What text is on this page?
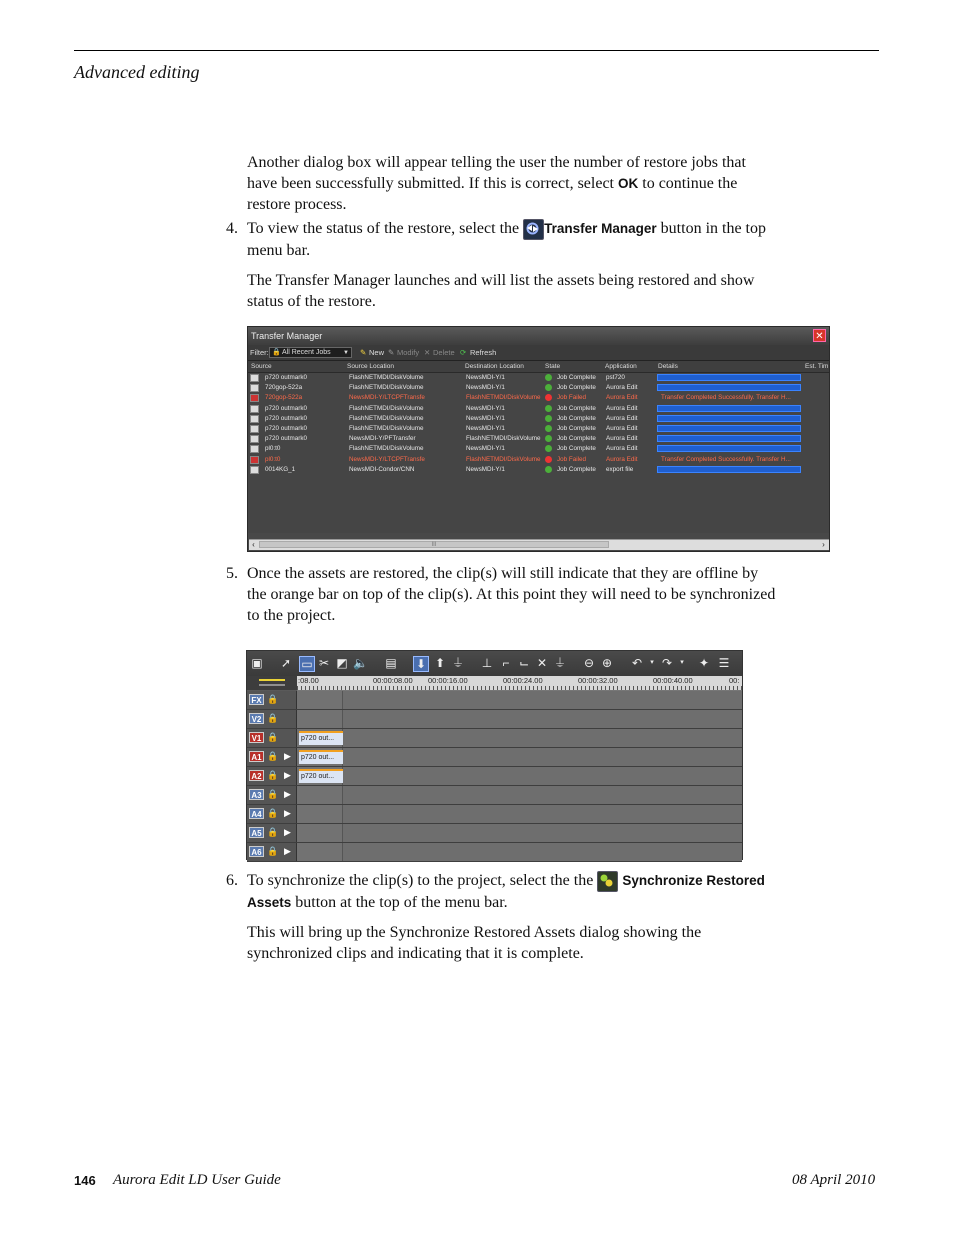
Advanced editing
Another dialog box will appear telling the user the number of restore jobs that
have been successfully submitted. If this is correct, select OK to continue the
restore process.
4. To view the status of the restore, select the Transfer Manager button in the top
menu bar.
The Transfer Manager launches and will list the assets being restored and show
status of the restore.
Transfer Manager	✕
Filter: 🔒 All Recent Jobs ▼ ✎ New ✎ Modify ✕ Delete ⟳ Refresh
Source	Source Location	Destination Location	State	Application	Details	Est. Tim
p720 outmark0	FlashNETMDI/DiskVolume	NewsMDI-Y/1	Job Complete	pst720
720gop-522a	FlashNETMDI/DiskVolume	NewsMDI-Y/1	Job Complete	Aurora Edit
720gop-522a	NewsMDI-Y/LTCPFTransfe	FlashNETMDI/DiskVolume	Job Failed	Aurora Edit	Transfer Completed Successfully. Transfer H...
p720 outmark0	FlashNETMDI/DiskVolume	NewsMDI-Y/1	Job Complete	Aurora Edit
p720 outmark0	FlashNETMDI/DiskVolume	NewsMDI-Y/1	Job Complete	Aurora Edit
p720 outmark0	FlashNETMDI/DiskVolume	NewsMDI-Y/1	Job Complete	Aurora Edit
p720 outmark0	NewsMDI-Y/PFTransfer	FlashNETMDI/DiskVolume	Job Complete	Aurora Edit
pl0:t0	FlashNETMDI/DiskVolume	NewsMDI-Y/1	Job Complete	Aurora Edit
pl0:t0	NewsMDI-Y/LTCPFTransfe	FlashNETMDI/DiskVolume	Job Failed	Aurora Edit	Transfer Completed Successfully. Transfer H...
0014KG_1	NewsMDI-Condor/CNN	NewsMDI-Y/1	Job Complete	export file
‹	III	›
5. Once the assets are restored, the clip(s) will still indicate that they are offline by
the orange bar on top of the clip(s). At this point they will need to be synchronized
to the project.
▣ ➚ ▭ ✂ ◩ 🔈 ▤ ⬇ ⬆ ⏚ ⊥ ⌐ ⌙ ✕ ⏚ ⊖ ⊕ ↶	▾ ↷	▾	✦ ☰
:08.00	00:00:08.00 00:00:16.00	00:00:24.00	00:00:32.00	00:00:40.00	00:
FX 🔒
V2 🔒
V1 🔒	p720 out...
A1 🔒 ▶ p720 out...
A2 🔒 ▶ p720 out...
A3 🔒 ▶
A4 🔒 ▶
A5 🔒 ▶
A6 🔒 ▶
6. To synchronize the clip(s) to the project, select the the  Synchronize Restored
Assets button at the top of the menu bar.
This will bring up the Synchronize Restored Assets dialog showing the
synchronized clips and indicating that it is complete.
146 Aurora Edit LD User Guide	08 April 2010
